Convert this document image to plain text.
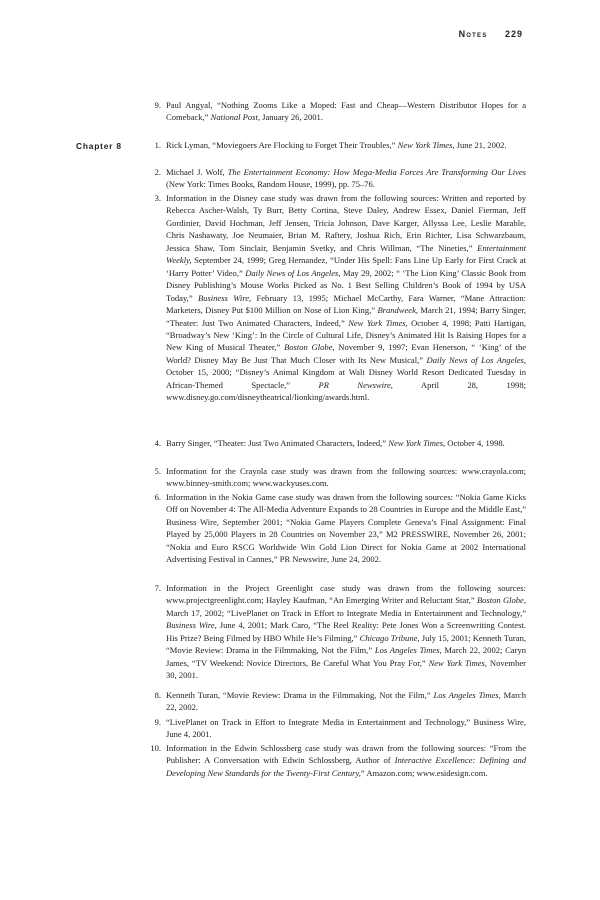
Notes 229
9. Paul Angyal, “Nothing Zooms Like a Moped: Fast and Cheap—Western Distributor Hopes for a Comeback,” National Post, January 26, 2001.
Chapter 8	1. Rick Lyman, “Moviegoers Are Flocking to Forget Their Troubles,” New York Times, June 21, 2002.
2. Michael J. Wolf, The Entertainment Economy: How Mega-Media Forces Are Transforming Our Lives (New York: Times Books, Random House, 1999), pp. 75–76.
3. Information in the Disney case study was drawn from the following sources: Written and reported by Rebecca Ascher-Walsh, Ty Burr, Betty Cortina, Steve Daley, Andrew Essex, Daniel Fierman, Jeff Gordinier, David Hochman, Jeff Jensen, Tricia Johnson, Dave Karger, Allyssa Lee, Leslie Marable, Chris Nashawaty, Joe Neumaier, Brian M. Raftery, Joshua Rich, Erin Richter, Lisa Schwarzbaum, Jessica Shaw, Tom Sinclair, Benjamin Svetky, and Chris Willman, “The Nineties,” Entertainment Weekly, September 24, 1999; Greg Hernandez, “Under His Spell: Fans Line Up Early for First Crack at ‘Harry Potter’ Video,” Daily News of Los Angeles, May 29, 2002; “ ‘The Lion King’ Classic Book from Disney Publishing’s Mouse Works Picked as No. 1 Best Selling Children’s Book of 1994 by USA Today,” Business Wire, February 13, 1995; Michael McCarthy, Fara Warner, “Mane Attraction: Marketers, Disney Put $100 Million on Nose of Lion King,” Brandweek, March 21, 1994; Barry Singer, “Theater: Just Two Animated Characters, Indeed,” New York Times, October 4, 1998; Patti Hartigan, “Broadway’s New ‘King’: In the Circle of Cultural Life, Disney’s Animated Hit Is Raising Hopes for a New King of Musical Theater,” Boston Globe, November 9, 1997; Evan Henerson, “ ‘King’ of the World? Disney May Be Just That Much Closer with Its New Musical,” Daily News of Los Angeles, October 15, 2000; “Disney’s Animal Kingdom at Walt Disney World Resort Dedicated Tuesday in African-Themed Spectacle,” PR Newswire, April 28, 1998; www.disney.go.com/disneytheatrical/lionking/awards.html.
4. Barry Singer, “Theater: Just Two Animated Characters, Indeed,” New York Times, October 4, 1998.
5. Information for the Crayola case study was drawn from the following sources: www.crayola.com; www.binney-smith.com; www.wackyuses.com.
6. Information in the Nokia Game case study was drawn from the following sources: “Nokia Game Kicks Off on November 4: The All-Media Adventure Expands to 28 Countries in Europe and the Middle East,” Business Wire, September 2001; “Nokia Game Players Complete Geneva’s Final Assignment: Final Played by 25,000 Players in 28 Countries on November 23,” M2 PRESSWIRE, November 26, 2001; “Nokia and Euro RSCG Worldwide Win Gold Lion Direct for Nokia Game at 2002 International Advertising Festival in Cannes,” PR Newswire, June 24, 2002.
7. Information in the Project Greenlight case study was drawn from the following sources: www.projectgreenlight.com; Hayley Kaufman, “An Emerging Writer and Reluctant Star,” Boston Globe, March 17, 2002; “LivePlanet on Track in Effort to Integrate Media in Entertainment and Technology,” Business Wire, June 4, 2001; Mark Caro, “The Reel Reality: Pete Jones Won a Screenwriting Contest. His Prize? Being Filmed by HBO While He’s Filming,” Chicago Tribune, July 15, 2001; Kenneth Turan, “Movie Review: Drama in the Filmmaking, Not the Film,” Los Angeles Times, March 22, 2002; Caryn James, “TV Weekend: Novice Directors, Be Careful What You Pray For,” New York Times, November 30, 2001.
8. Kenneth Turan, “Movie Review: Drama in the Filmmaking, Not the Film,” Los Angeles Times, March 22, 2002.
9. “LivePlanet on Track in Effort to Integrate Media in Entertainment and Technology,” Business Wire, June 4, 2001.
10. Information in the Edwin Schlossberg case study was drawn from the following sources: “From the Publisher: A Conversation with Edwin Schlossberg, Author of Interactive Excellence: Defining and Developing New Standards for the Twenty-First Century,” Amazon.com; www.esidesign.com.
